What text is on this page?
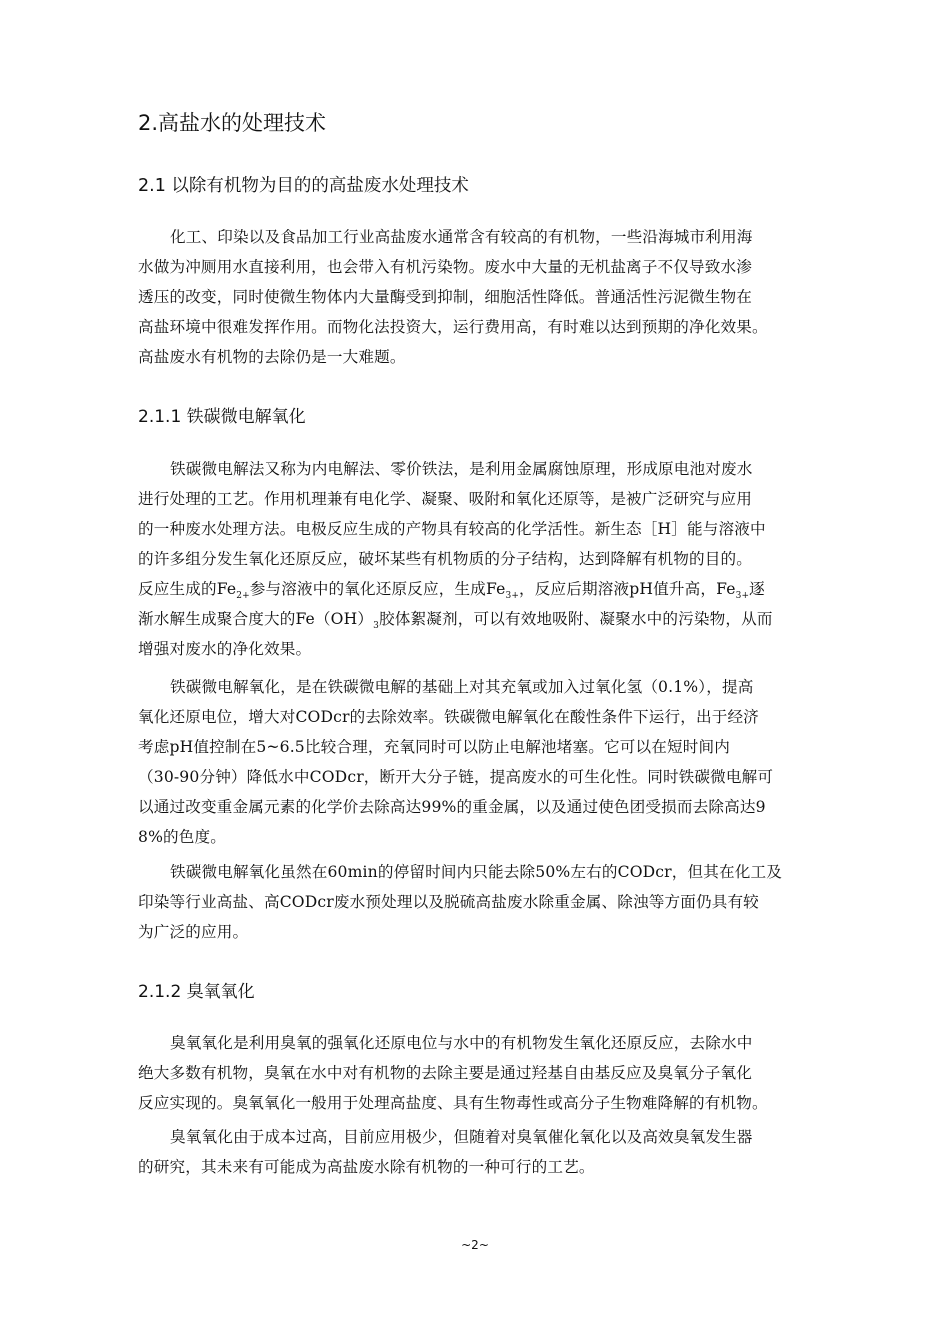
2.高盐水的处理技术
2.1 以除有机物为目的的高盐废水处理技术
化工、印染以及食品加工行业高盐废水通常含有较高的有机物，一些沿海城市利用海
水做为冲厕用水直接利用，也会带入有机污染物。废水中大量的无机盐离子不仅导致水渗
透压的改变，同时使微生物体内大量酶受到抑制，细胞活性降低。普通活性污泥微生物在
高盐环境中很难发挥作用。而物化法投资大，运行费用高，有时难以达到预期的净化效果。
高盐废水有机物的去除仍是一大难题。
2.1.1 铁碳微电解氧化
铁碳微电解法又称为内电解法、零价铁法，是利用金属腐蚀原理，形成原电池对废水
进行处理的工艺。作用机理兼有电化学、凝聚、吸附和氧化还原等，是被广泛研究与应用
的一种废水处理方法。电极反应生成的产物具有较高的化学活性。新生态［H］能与溶液中
的许多组分发生氧化还原反应，破坏某些有机物质的分子结构，达到降解有机物的目的。
反应生成的$Fe_{2+}$参与溶液中的氧化还原反应，生成$Fe_{3+}$，反应后期溶液pH值升高，$Fe_{3+}$逐
渐水解生成聚合度大的$Fe(OH)_3$胶体絮凝剂，可以有效地吸附、凝聚水中的污染物，从而
增强对废水的净化效果。
铁碳微电解氧化，是在铁碳微电解的基础上对其充氧或加入过氧化氢（0.1%），提高
氧化还原电位，增大对CODcr的去除效率。铁碳微电解氧化在酸性条件下运行，出于经济
考虑pH值控制在5~6.5比较合理，充氧同时可以防止电解池堵塞。它可以在短时间内
（30-90分钟）降低水中CODcr，断开大分子链，提高废水的可生化性。同时铁碳微电解可
以通过改变重金属元素的化学价去除高达99%的重金属，以及通过使色团受损而去除高达9
8%的色度。
铁碳微电解氧化虽然在60min的停留时间内只能去除50%左右的CODcr，但其在化工及
印染等行业高盐、高CODcr废水预处理以及脱硫高盐废水除重金属、除浊等方面仍具有较
为广泛的应用。
2.1.2 臭氧氧化
臭氧氧化是利用臭氧的强氧化还原电位与水中的有机物发生氧化还原反应，去除水中
绝大多数有机物，臭氧在水中对有机物的去除主要是通过羟基自由基反应及臭氧分子氧化
反应实现的。臭氧氧化一般用于处理高盐度、具有生物毒性或高分子生物难降解的有机物。
臭氧氧化由于成本过高，目前应用极少，但随着对臭氧催化氧化以及高效臭氧发生器
的研究，其未来有可能成为高盐废水除有机物的一种可行的工艺。
~2~
